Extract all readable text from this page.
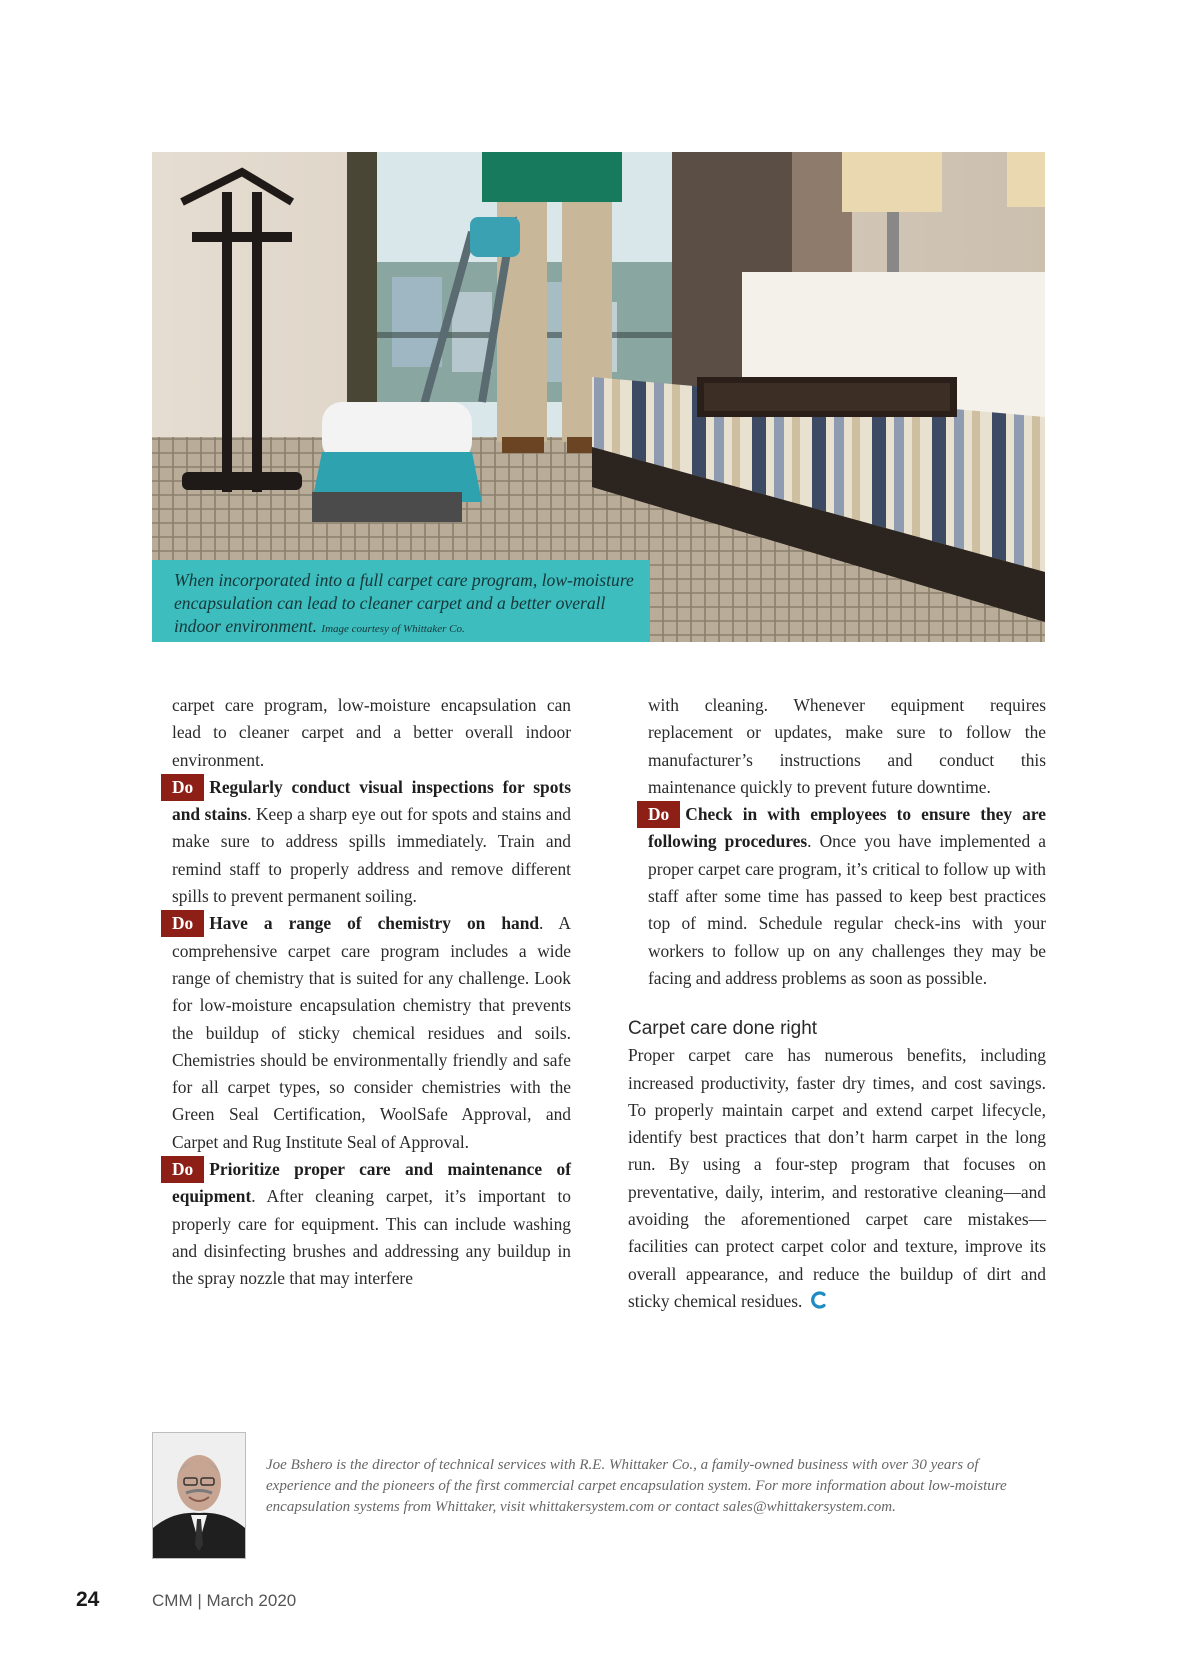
When incorporated into a full carpet care program, low-moisture encapsulation can lead to cleaner carpet and a better overall indoor environment. Image courtesy of Whittaker Co.

carpet care program, low-moisture encapsulation can lead to cleaner carpet and a better overall indoor environment.

Do Regularly conduct visual inspections for spots and stains. Keep a sharp eye out for spots and stains and make sure to address spills immediately. Train and remind staff to properly address and remove different spills to prevent permanent soiling.

Do Have a range of chemistry on hand. A comprehensive carpet care program includes a wide range of chemistry that is suited for any challenge. Look for low-moisture encapsulation chemistry that prevents the buildup of sticky chemical residues and soils. Chemistries should be environmentally friendly and safe for all carpet types, so consider chemistries with the Green Seal Certification, WoolSafe Approval, and Carpet and Rug Institute Seal of Approval.

Do Prioritize proper care and maintenance of equipment. After cleaning carpet, it’s important to properly care for equipment. This can include washing and disinfecting brushes and addressing any buildup in the spray nozzle that may interfere

with cleaning. Whenever equipment requires replacement or updates, make sure to follow the manufacturer’s instructions and conduct this maintenance quickly to prevent future downtime.

Do Check in with employees to ensure they are following procedures. Once you have implemented a proper carpet care program, it’s critical to follow up with staff after some time has passed to keep best practices top of mind. Schedule regular check-ins with your workers to follow up on any challenges they may be facing and address problems as soon as possible.

Carpet care done right

Proper carpet care has numerous benefits, including increased productivity, faster dry times, and cost savings. To properly maintain carpet and extend carpet lifecycle, identify best practices that don’t harm carpet in the long run. By using a four-step program that focuses on preventative, daily, interim, and restorative cleaning—and avoiding the aforementioned carpet care mistakes—facilities can protect carpet color and texture, improve its overall appearance, and reduce the buildup of dirt and sticky chemical residues.

Joe Bshero is the director of technical services with R.E. Whittaker Co., a family-owned business with over 30 years of experience and the pioneers of the first commercial carpet encapsulation system. For more information about low-moisture encapsulation systems from Whittaker, visit whittakersystem.com or contact sales@whittakersystem.com.
24	CMM | March 2020
